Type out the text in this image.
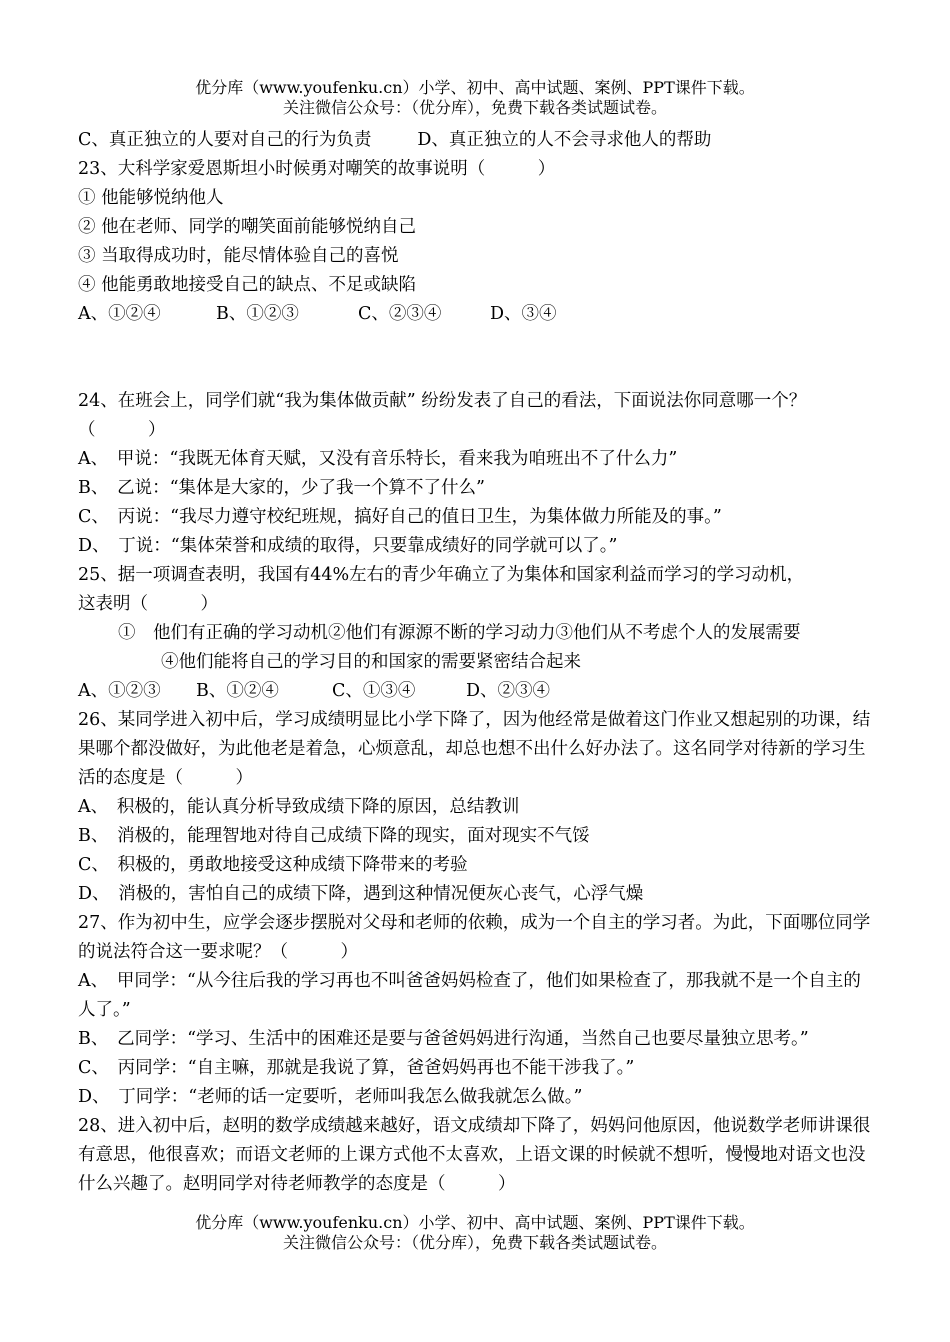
优分库（www.youfenku.cn）小学、初中、高中试题、案例、PPT课件下载。
关注微信公众号：（优分库），免费下载各类试题试卷。
C、真正独立的人要对自己的行为负责	D、真正独立的人不会寻求他人的帮助
23、大科学家爱恩斯坦小时候勇对嘲笑的故事说明（　　　）
① 他能够悦纳他人
② 他在老师、同学的嘲笑面前能够悦纳自己
③ 当取得成功时，能尽情体验自己的喜悦
④ 他能勇敢地接受自己的缺点、不足或缺陷
A、①②④	B、①②③	C、②③④	D、③④
24、在班会上，同学们就“我为集体做贡献” 纷纷发表了自己的看法，下面说法你同意哪一个？
（　　　）
A、　甲说：“我既无体育天赋，又没有音乐特长，看来我为咱班出不了什么力”
B、　乙说：“集体是大家的，少了我一个算不了什么”
C、　丙说：“我尽力遵守校纪班规，搞好自己的值日卫生，为集体做力所能及的事。”
D、　丁说：“集体荣誉和成绩的取得，只要靠成绩好的同学就可以了。”
25、据一项调查表明，我国有44%左右的青少年确立了为集体和国家利益而学习的学习动机，
这表明（　　　）
①　他们有正确的学习动机②他们有源源不断的学习动力③他们从不考虑个人的发展需要
④他们能将自己的学习目的和国家的需要紧密结合起来
A、①②③ B、①②④	C、①③④	D、②③④
26、某同学进入初中后，学习成绩明显比小学下降了，因为他经常是做着这门作业又想起别的功课，结果哪个都没做好，为此他老是着急，心烦意乱，却总也想不出什么好办法了。这名同学对待新的学习生活的态度是（　　　）
A、　积极的，能认真分析导致成绩下降的原因，总结教训
B、　消极的，能理智地对待自己成绩下降的现实，面对现实不气馁
C、　积极的，勇敢地接受这种成绩下降带来的考验
D、　消极的，害怕自己的成绩下降，遇到这种情况便灰心丧气，心浮气燥
27、作为初中生，应学会逐步摆脱对父母和老师的依赖，成为一个自主的学习者。为此，下面哪位同学的说法符合这一要求呢？（　　　）
A、　甲同学：“从今往后我的学习再也不叫爸爸妈妈检查了，他们如果检查了，那我就不是一个自主的人了。”
B、　乙同学：“学习、生活中的困难还是要与爸爸妈妈进行沟通，当然自己也要尽量独立思考。”
C、　丙同学：“自主嘛，那就是我说了算，爸爸妈妈再也不能干涉我了。”
D、　丁同学：“老师的话一定要听，老师叫我怎么做我就怎么做。”
28、进入初中后，赵明的数学成绩越来越好，语文成绩却下降了，妈妈问他原因，他说数学老师讲课很有意思，他很喜欢；而语文老师的上课方式他不太喜欢，上语文课的时候就不想听，慢慢地对语文也没什么兴趣了。赵明同学对待老师教学的态度是（　　　）
优分库（www.youfenku.cn）小学、初中、高中试题、案例、PPT课件下载。
关注微信公众号：（优分库），免费下载各类试题试卷。
